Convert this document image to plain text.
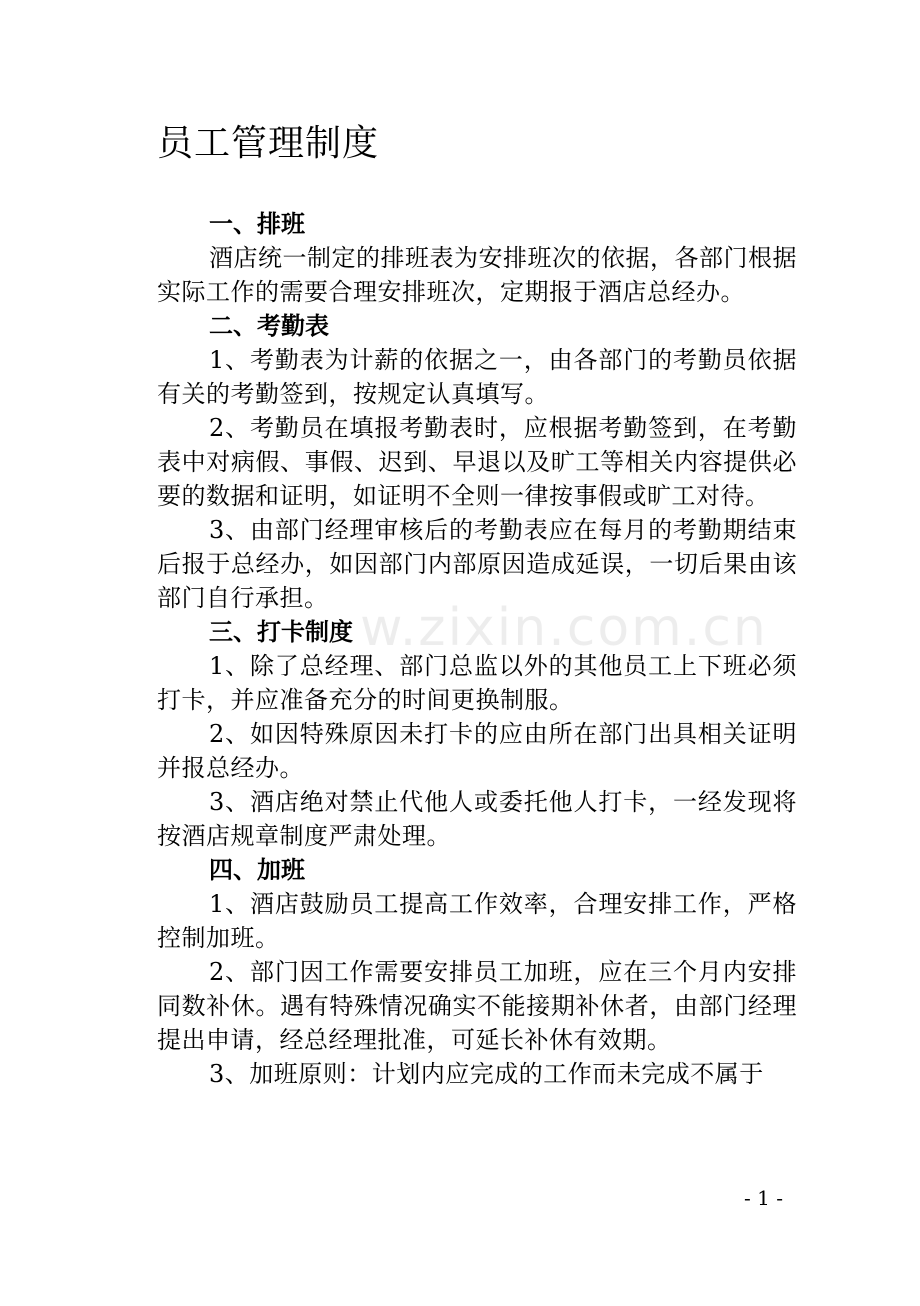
员工管理制度
w.zixin.com.cn
一、排班

酒店统一制定的排班表为安排班次的依据，各部门根据实际工作的需要合理安排班次，定期报于酒店总经办。

二、考勤表

1、考勤表为计薪的依据之一，由各部门的考勤员依据有关的考勤签到，按规定认真填写。

2、考勤员在填报考勤表时，应根据考勤签到，在考勤表中对病假、事假、迟到、早退以及旷工等相关内容提供必要的数据和证明，如证明不全则一律按事假或旷工对待。

3、由部门经理审核后的考勤表应在每月的考勤期结束后报于总经办，如因部门内部原因造成延误，一切后果由该部门自行承担。

三、打卡制度

1、除了总经理、部门总监以外的其他员工上下班必须打卡，并应准备充分的时间更换制服。

2、如因特殊原因未打卡的应由所在部门出具相关证明并报总经办。

3、酒店绝对禁止代他人或委托他人打卡，一经发现将按酒店规章制度严肃处理。

四、加班

1、酒店鼓励员工提高工作效率，合理安排工作，严格控制加班。

2、部门因工作需要安排员工加班，应在三个月内安排同数补休。遇有特殊情况确实不能接期补休者，由部门经理提出申请，经总经理批准，可延长补休有效期。

3、加班原则：计划内应完成的工作而未完成不属于

- 1 -
